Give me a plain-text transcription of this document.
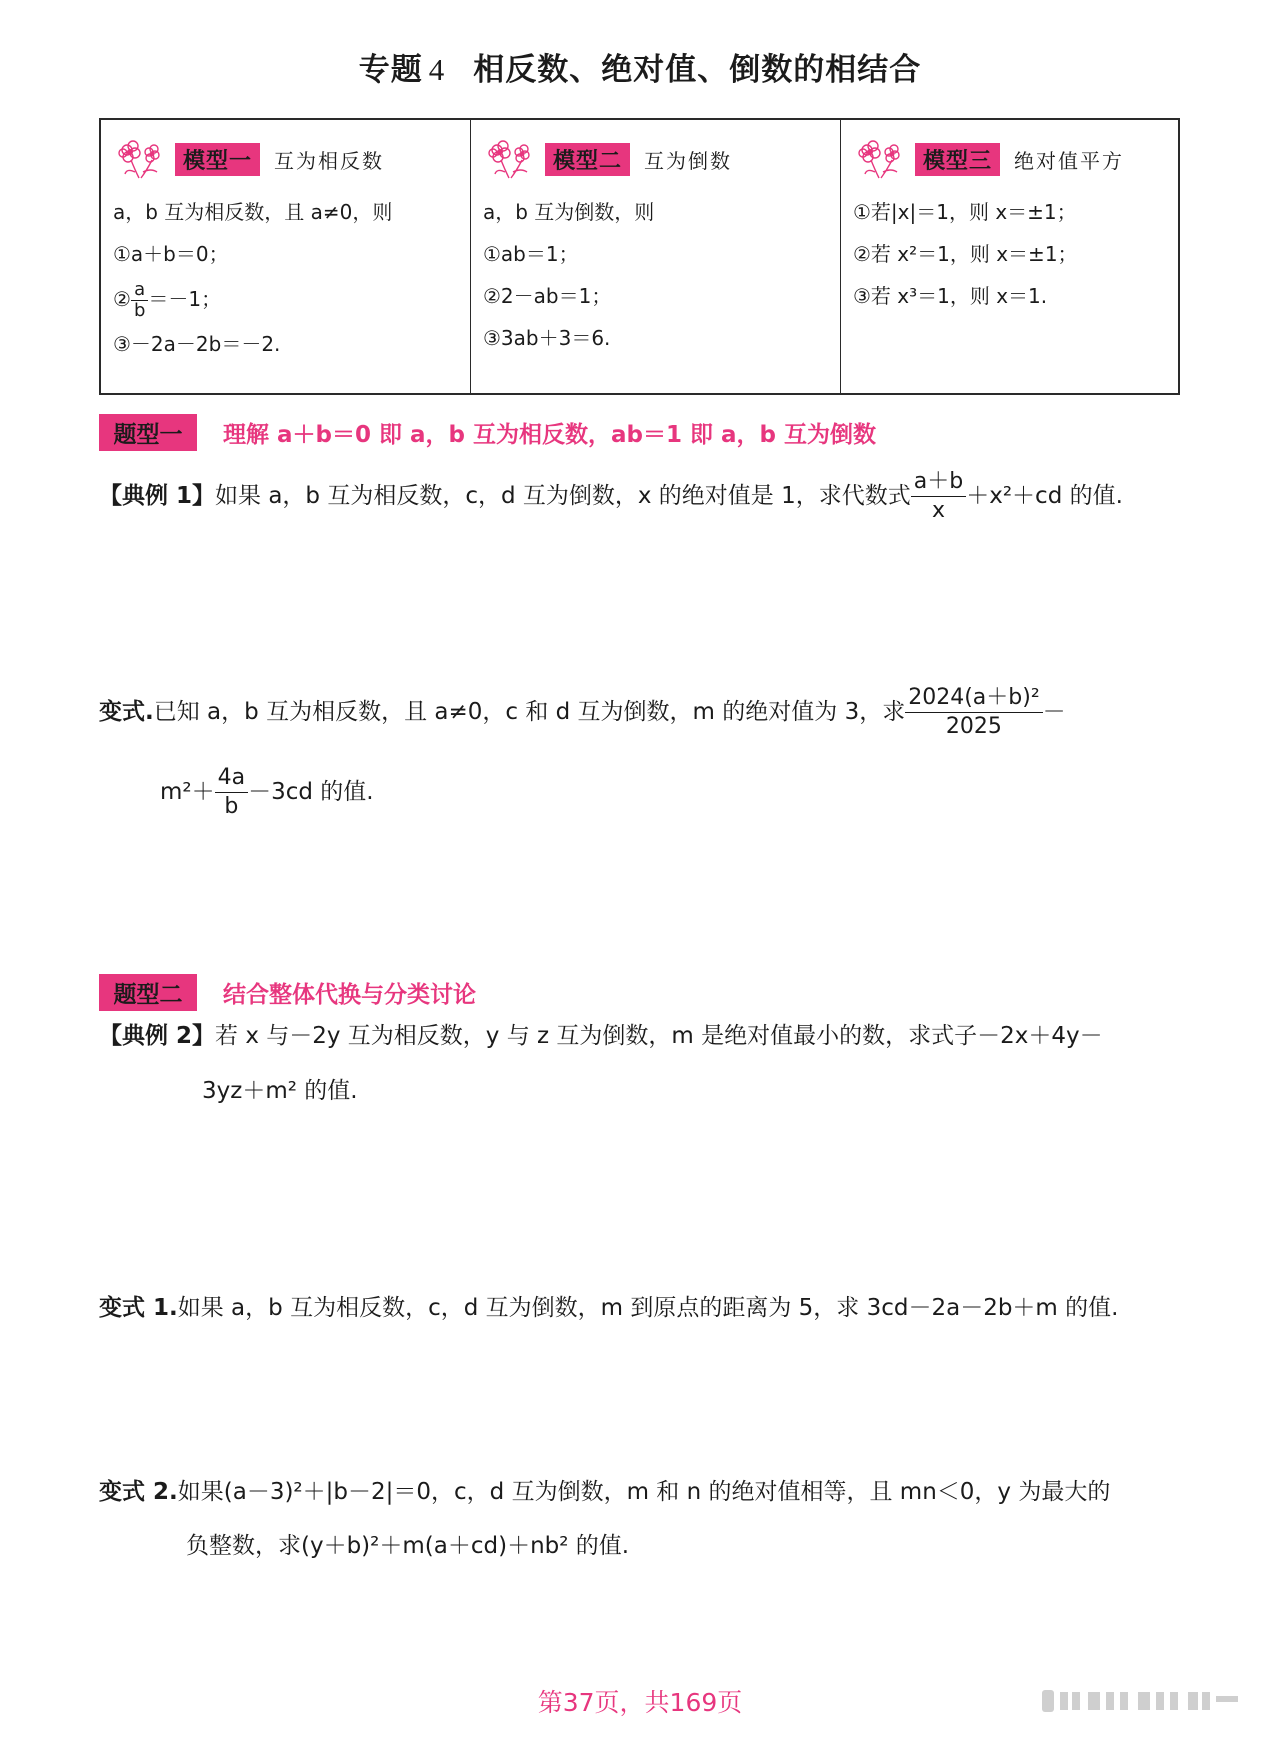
专题 4 相反数、绝对值、倒数的相结合
模型一	互为相反数
a，b 互为相反数，且 a≠0，则
①a＋b＝0；
② $\frac{a}{b} =-1$；
③－2a－2b＝－2.
模型二	互为倒数
a，b 互为倒数，则
①ab＝1；
②2－ab＝1；
③3ab＋3＝6.
模型三	绝对值平方
①若|x|＝1，则 x＝±1；
②若 x²＝1，则 x＝±1；
③若 x³＝1，则 x＝1.
题型一	理解 a＋b＝0 即 a，b 互为相反数，ab＝1 即 a，b 互为倒数
【典例 1】如果 a，b 互为相反数，c，d 互为倒数，x 的绝对值是 1，求代数式 $\frac{a+b}{x} +x^2+cd$ 的值.
变式.已知 a，b 互为相反数，且 a≠0，c 和 d 互为倒数，m 的绝对值为 3，求 $\frac{\text{2024(a＋b)²}}{2025}$ －
$m^2+ \frac{4a}{b} -3cd$ 的值.
题型二	结合整体代换与分类讨论
【典例 2】若 x 与－2y 互为相反数，y 与 z 互为倒数，m 是绝对值最小的数，求式子－2x＋4y－
3yz＋m² 的值.
变式 1.如果 a，b 互为相反数，c，d 互为倒数，m 到原点的距离为 5，求 3cd－2a－2b＋m 的值.
变式 2.如果(a－3)²＋|b－2|＝0，c，d 互为倒数，m 和 n 的绝对值相等，且 mn＜0，y 为最大的
负整数，求(y＋b)²＋m(a＋cd)＋nb² 的值.
第37页，共169页
